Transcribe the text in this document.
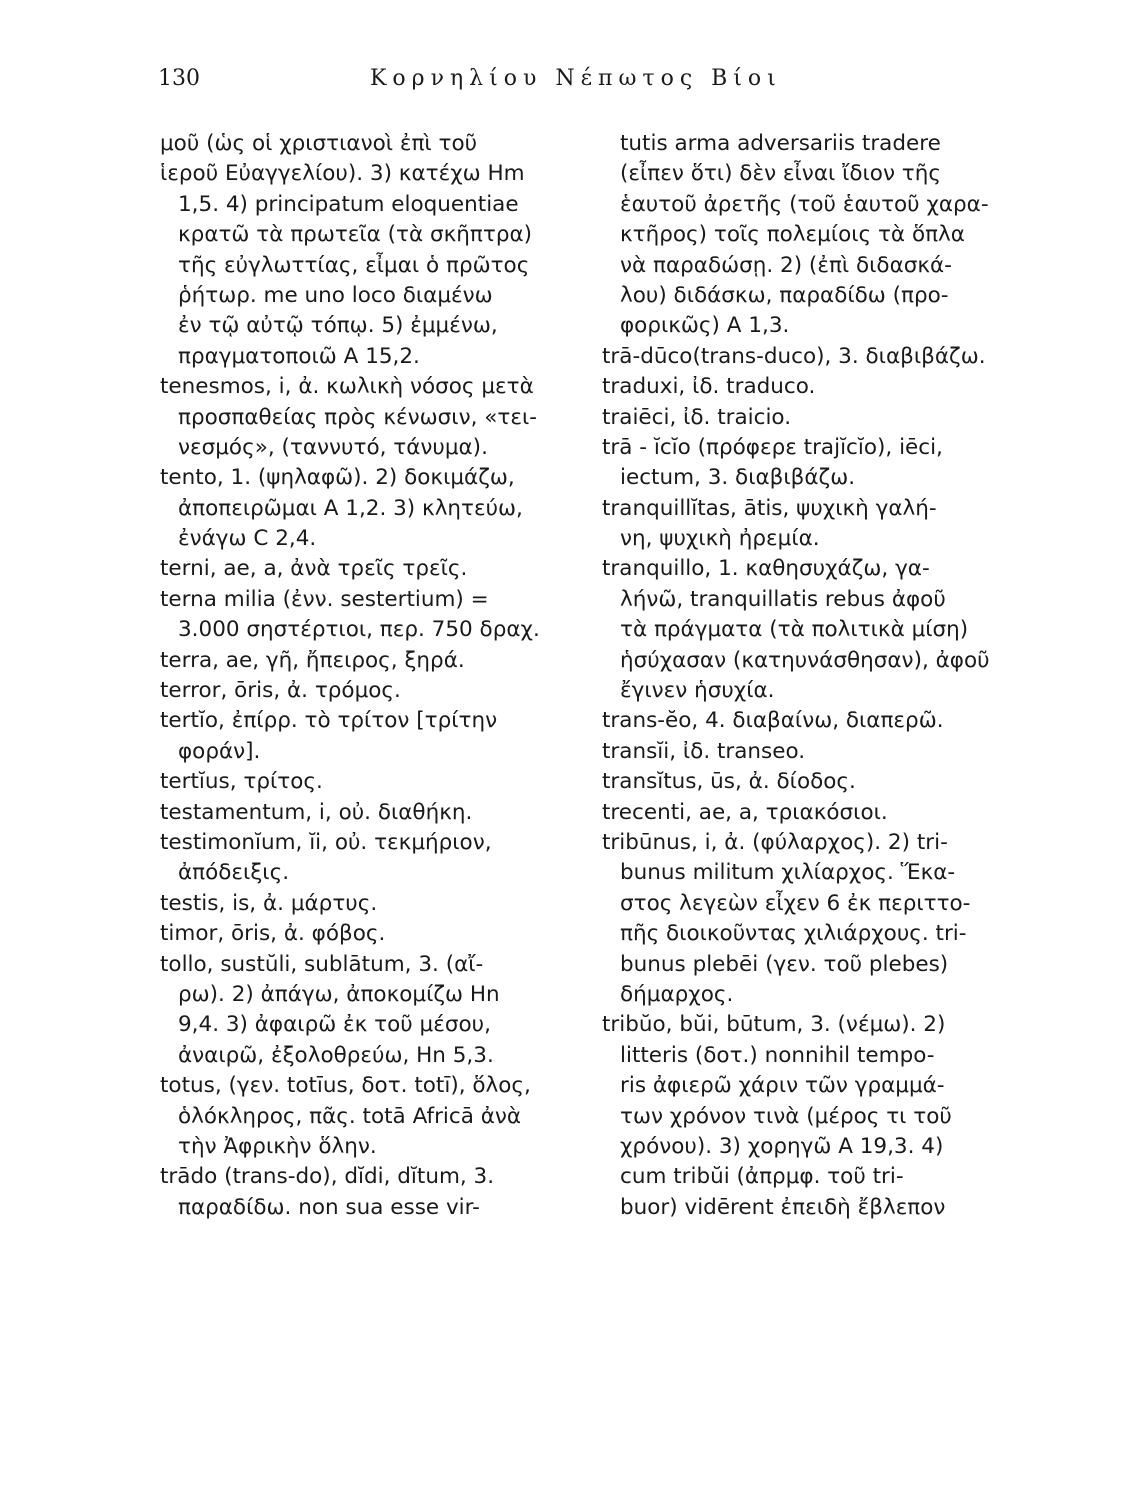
130	Κορνηλίου Νέπωτος Βίοι
μοῦ (ὡς οἱ χριστιανοὶ ἐπὶ τοῦ
ἱεροῦ Εὐαγγελίου). 3) κατέχω Hm
1,5. 4) principatum eloquentiae
κρατῶ τὰ πρωτεῖα (τὰ σκῆπτρα)
τῆς εὐγλωττίας, εἶμαι ὁ πρῶτος
ῥήτωρ. me uno loco διαμένω
ἐν τῷ αὐτῷ τόπῳ. 5) ἐμμένω,
πραγματοποιῶ A 15,2.
tenesmos, i, ἀ. κωλικὴ νόσος μετὰ
προσπαθείας πρὸς κένωσιν, «τει-
νεσμός», (ταννυτό, τάνυμα).
tento, 1. (ψηλαφῶ). 2) δοκιμάζω,
ἀποπειρῶμαι A 1,2. 3) κλητεύω,
ἐνάγω C 2,4.
terni, ae, a, ἀνὰ τρεῖς τρεῖς.
terna milia (ἐνν. sestertium) =
3.000 σηστέρτιοι, περ. 750 δραχ.
terra, ae, γῆ, ἤπειρος, ξηρά.
terror, ōris, ἀ. τρόμος.
tertĭo, ἐπίρρ. τὸ τρίτον [τρίτην
φοράν].
tertĭus, τρίτος.
testamentum, i, οὐ. διαθήκη.
testimonĭum, ĭi, οὐ. τεκμήριον,
ἀπόδειξις.
testis, is, ἀ. μάρτυς.
timor, ōris, ἀ. φόβος.
tollo, sustŭli, sublātum, 3. (αἴ-
ρω). 2) ἀπάγω, ἀποκομίζω Hn
9,4. 3) ἀφαιρῶ ἐκ τοῦ μέσου,
ἀναιρῶ, ἐξολοθρεύω, Hn 5,3.
totus, (γεν. totīus, δοτ. totī), ὅλος,
ὁλόκληρος, πᾶς. totā Africā ἀνὰ
τὴν Ἀφρικὴν ὅλην.
trādo (trans-do), dĭdi, dĭtum, 3.
παραδίδω. non sua esse vir-
tutis arma adversariis tradere
(εἶπεν ὅτι) δὲν εἶναι ἴδιον τῆς
ἑαυτοῦ ἀρετῆς (τοῦ ἑαυτοῦ χαρα-
κτῆρος) τοῖς πολεμίοις τὰ ὅπλα
νὰ παραδώσῃ. 2) (ἐπὶ διδασκά-
λου) διδάσκω, παραδίδω (προ-
φορικῶς) A 1,3.
trā-dūco(trans-duco), 3. διαβιβάζω.
traduxi, ἰδ. traduco.
traiēci, ἰδ. traicio.
trā - ĭcĭo (πρόφερε trajĭcĭo), iēci,
iectum, 3. διαβιβάζω.
tranquillĭtas, ātis, ψυχικὴ γαλή-
νη, ψυχικὴ ἠρεμία.
tranquillo, 1. καθησυχάζω, γα-
λήνῶ, tranquillatis rebus ἀφοῦ
τὰ πράγματα (τὰ πολιτικὰ μίση)
ἡσύχασαν (κατηυνάσθησαν), ἀφοῦ
ἔγινεν ἡσυχία.
trans-ĕo, 4. διαβαίνω, διαπερῶ.
transĭi, ἰδ. transeo.
transĭtus, ūs, ἀ. δίοδος.
trecenti, ae, a, τριακόσιοι.
tribūnus, i, ἀ. (φύλαρχος). 2) tri-
bunus militum χιλίαρχος. Ἕκα-
στος λεγεὼν εἶχεν 6 ἐκ περιττο-
πῆς διοικοῦντας χιλιάρχους. tri-
bunus plebēi (γεν. τοῦ plebes)
δήμαρχος.
tribŭo, bŭi, būtum, 3. (νέμω). 2)
litteris (δοτ.) nonnihil tempo-
ris ἀφιερῶ χάριν τῶν γραμμά-
των χρόνον τινὰ (μέρος τι τοῦ
χρόνου). 3) χορηγῶ A 19,3. 4)
cum tribŭi (ἀπρμφ. τοῦ tri-
buor) vidērent ἐπειδὴ ἔβλεπον
